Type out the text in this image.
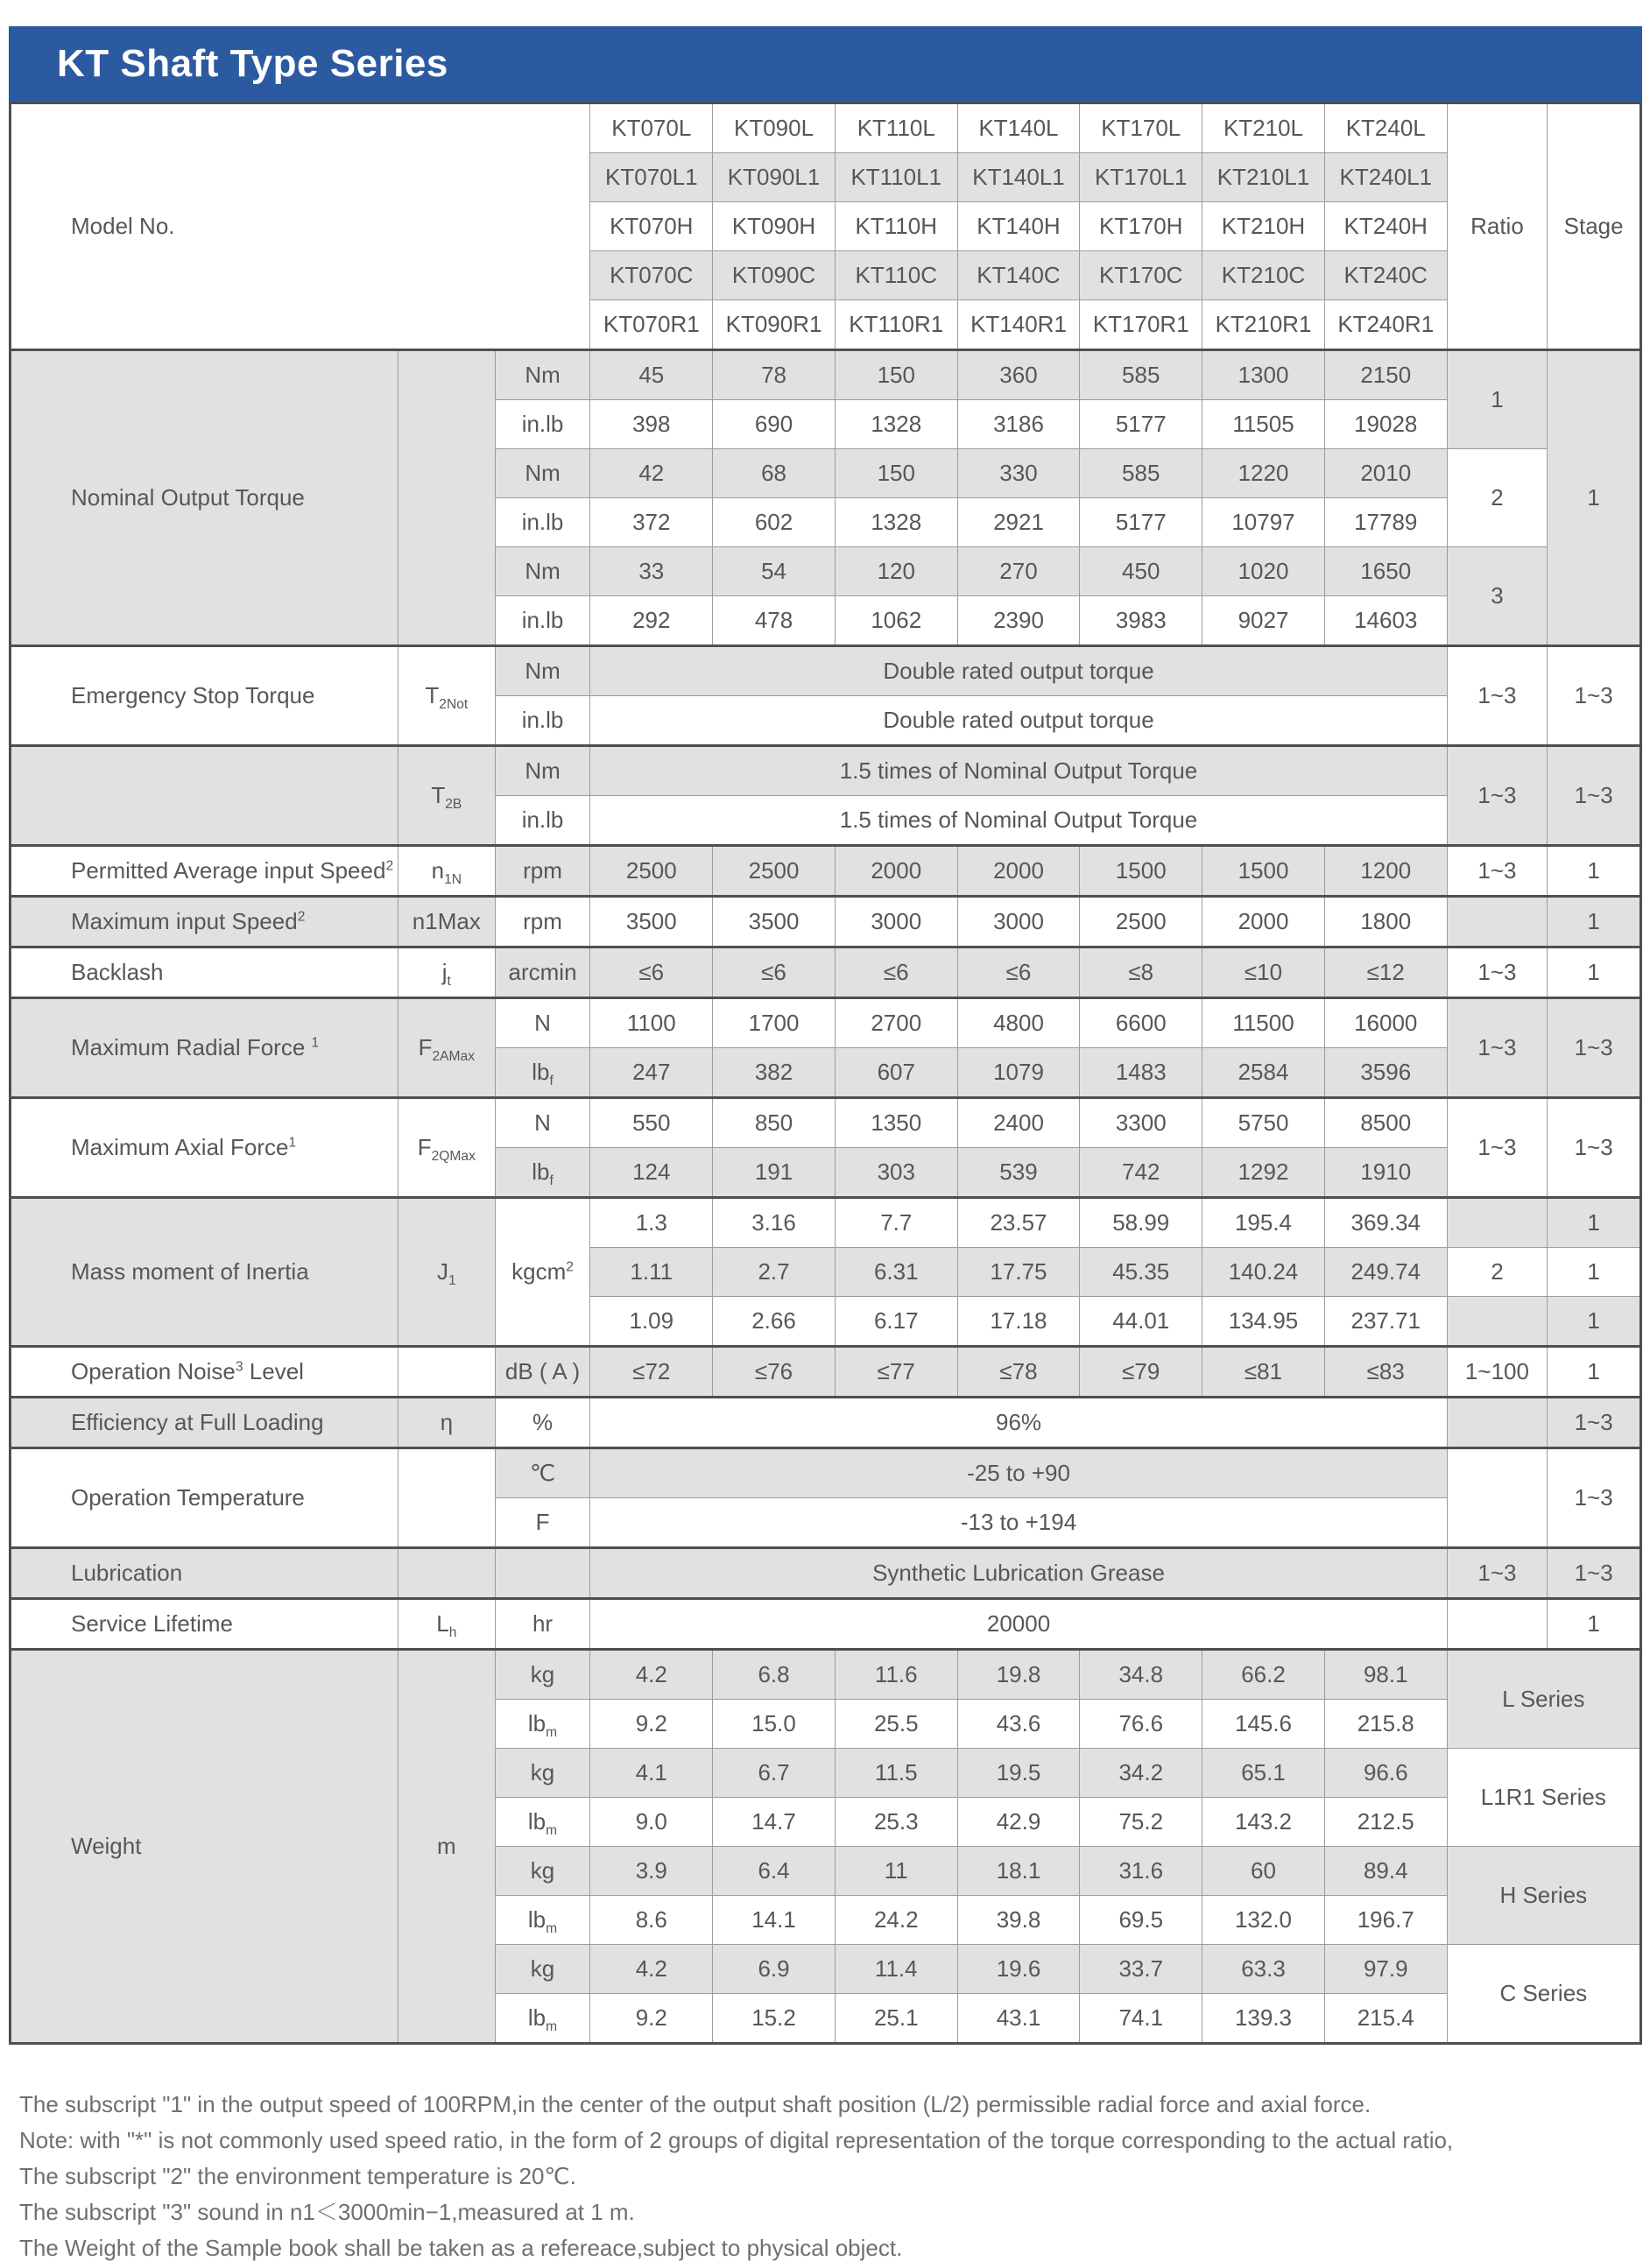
KT Shaft Type Series
Model No.			KT070L	KT090L	KT110L	KT140L	KT170L	KT210L	KT240L	Ratio	Stage
			KT070L1	KT090L1	KT110L1	KT140L1	KT170L1	KT210L1	KT240L1		
			KT070H	KT090H	KT110H	KT140H	KT170H	KT210H	KT240H		
			KT070C	KT090C	KT110C	KT140C	KT170C	KT210C	KT240C		
			KT070R1	KT090R1	KT110R1	KT140R1	KT170R1	KT210R1	KT240R1		
Nominal Output Torque		Nm	45	78	150	360	585	1300	2150	1	1
		in.lb	398	690	1328	3186	5177	11505	19028		
		Nm	42	68	150	330	585	1220	2010	2	
		in.lb	372	602	1328	2921	5177	10797	17789		
		Nm	33	54	120	270	450	1020	1650	3	
		in.lb	292	478	1062	2390	3983	9027	14603		
Emergency Stop Torque	$T_{2Not}$	Nm	Double rated output torque							1~3	1~3
		in.lb	Double rated output torque								
	$T_{2B}$	Nm	1.5 times of Nominal Output Torque							1~3	1~3
		in.lb	1.5 times of Nominal Output Torque								
Permitted Average input Speed$^2$	$n_{1N}$	rpm	2500	2500	2000	2000	1500	1500	1200	1~3	1
Maximum input Speed$^2$	n1Max	rpm	3500	3500	3000	3000	2500	2000	1800		1
Backlash	$j_t$	arcmin	≤6	≤6	≤6	≤6	≤8	≤10	≤12	1~3	1
Maximum Radial Force $^1$	$F_{2AMax}$	N	1100	1700	2700	4800	6600	11500	16000	1~3	1~3
		$lb_f$	247	382	607	1079	1483	2584	3596		
Maximum Axial Force$^1$	$F_{2QMax}$	N	550	850	1350	2400	3300	5750	8500	1~3	1~3
		$lb_f$	124	191	303	539	742	1292	1910		
Mass moment of Inertia	$J_1$	kgcm$^2$	1.3	3.16	7.7	23.57	58.99	195.4	369.34		1
			1.11	2.7	6.31	17.75	45.35	140.24	249.74	2	1
			1.09	2.66	6.17	17.18	44.01	134.95	237.71		1
Operation Noise$^3$ Level		dB ( A )	≤72	≤76	≤77	≤78	≤79	≤81	≤83	1~100	1
Efficiency at Full Loading	η	%	96%								1~3
Operation Temperature		℃	-25 to +90								1~3
		F	-13 to +194								
Lubrication			Synthetic Lubrication Grease							1~3	1~3
Service Lifetime	$L_h$	hr	20000								1
Weight	m	kg	4.2	6.8	11.6	19.8	34.8	66.2	98.1	L Series	
		$lb_m$	9.2	15.0	25.5	43.6	76.6	145.6	215.8		
		kg	4.1	6.7	11.5	19.5	34.2	65.1	96.6	L1R1 Series	
		$lb_m$	9.0	14.7	25.3	42.9	75.2	143.2	212.5		
		kg	3.9	6.4	11	18.1	31.6	60	89.4	H Series	
		$lb_m$	8.6	14.1	24.2	39.8	69.5	132.0	196.7		
		kg	4.2	6.9	11.4	19.6	33.7	63.3	97.9	C Series	
		$lb_m$	9.2	15.2	25.1	43.1	74.1	139.3	215.4		
The subscript "1" in the output speed of 100RPM,in the center of the output shaft position (L/2) permissible radial force and axial force.
Note: with "*" is not commonly used speed ratio, in the form of 2 groups of digital representation of the torque corresponding to the actual ratio,
The subscript "2" the environment temperature is 20℃.
The subscript "3" sound in n1＜3000min−1,measured at 1 m.
The Weight of the Sample book shall be taken as a refereace,subject to physical object.
